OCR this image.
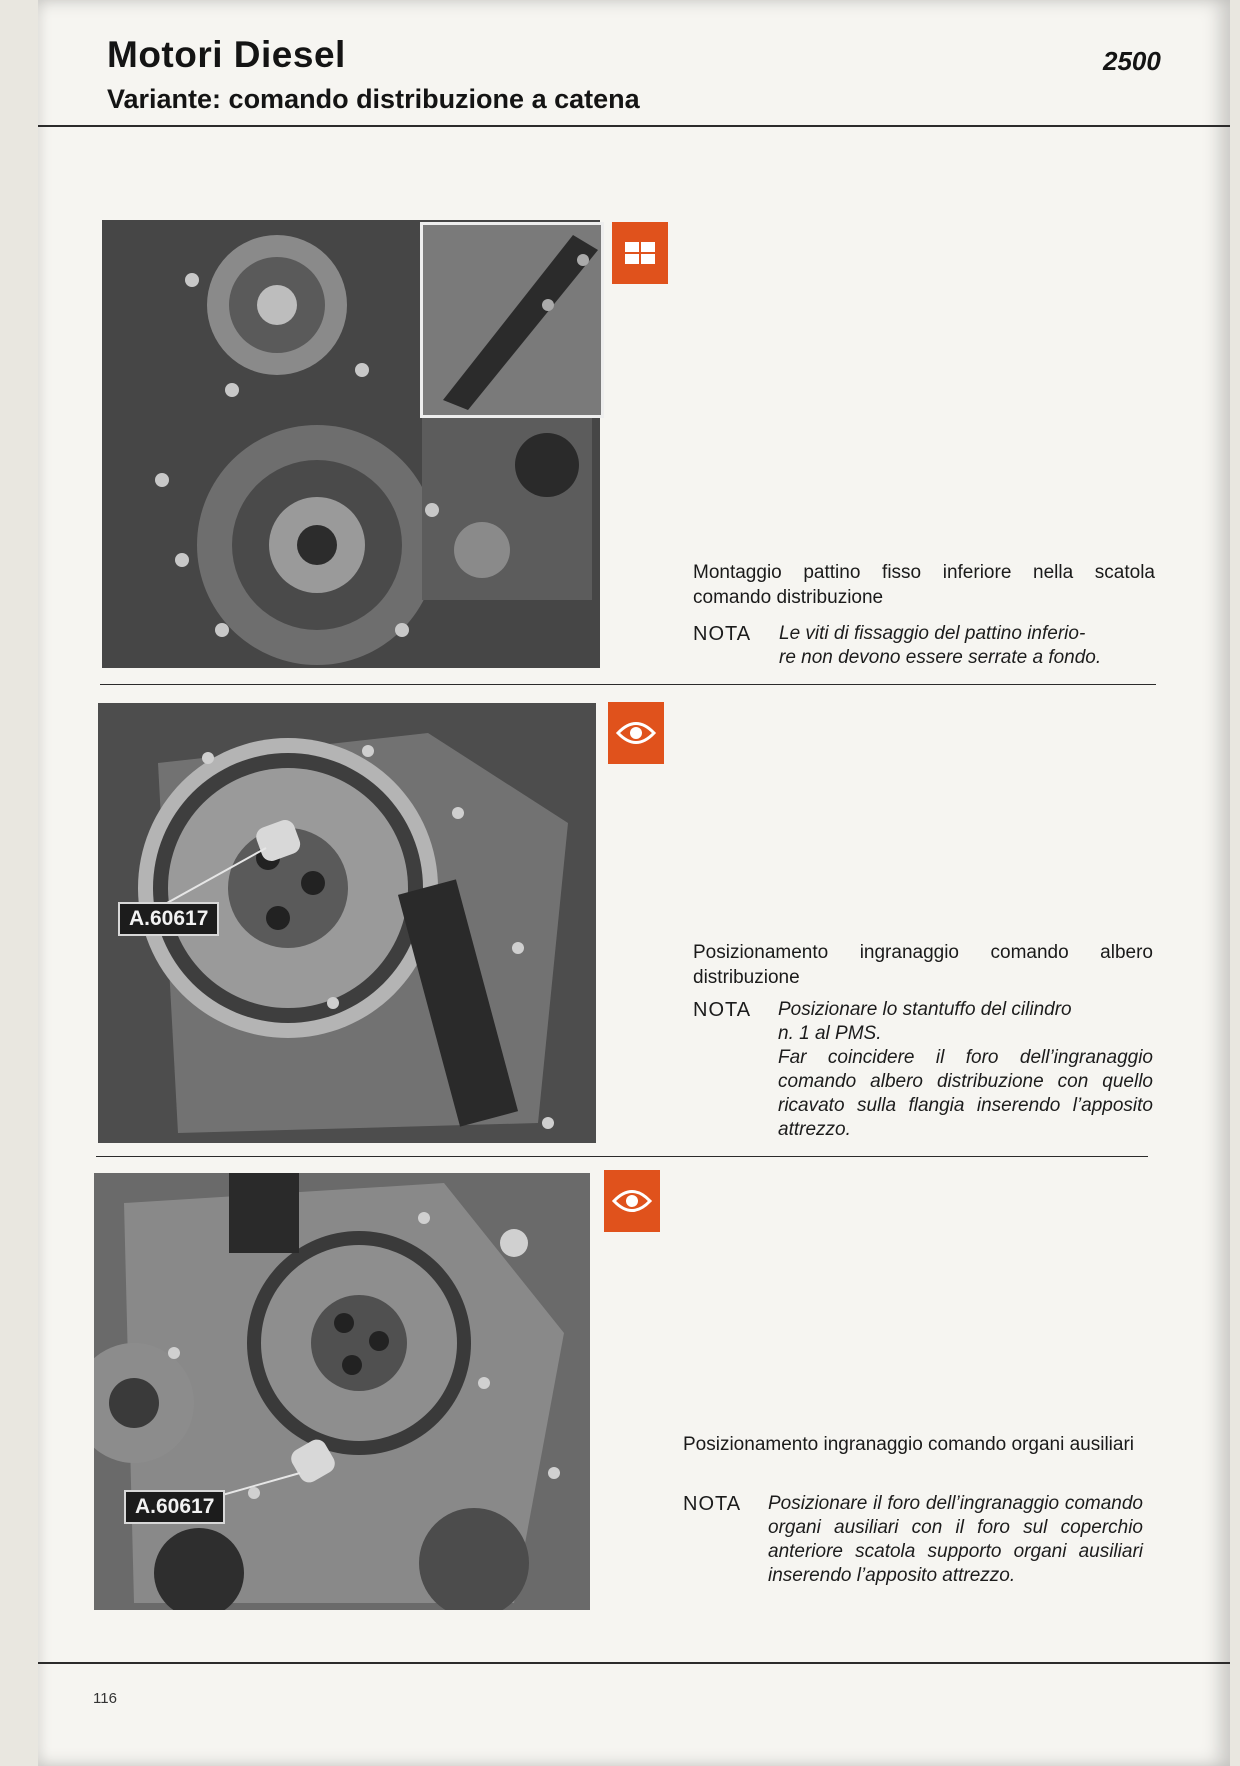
Motori Diesel
Variante: comando distribuzione a catena
2500
Montaggio pattino fisso inferiore nella scatola comando distribuzione
NOTA Le viti di fissaggio del pattino inferio-
re non devono essere serrate a fondo.
A.60617
Posizionamento ingranaggio comando albero distribuzione
NOTA Posizionare lo stantuffo del cilindro
n. 1 al PMS.
Far coincidere il foro dell’ingranaggio comando albero distribuzione con quello ricavato sulla flangia inserendo l’apposito attrezzo.
A.60617
Posizionamento ingranaggio comando organi ausiliari
NOTA Posizionare il foro dell’ingranaggio comando organi ausiliari con il foro sul coperchio anteriore scatola supporto organi ausiliari inserendo l’apposito attrezzo.
116
